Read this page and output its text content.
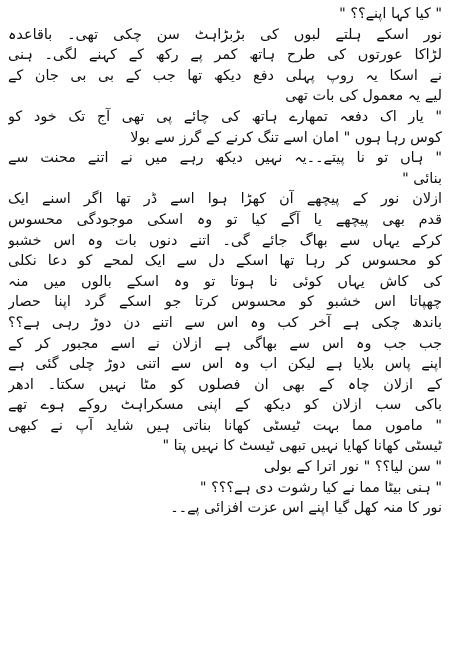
" کیا کہا اپنے؟؟ "
نور اسکے ہلتے لبوں کی بڑبڑاہٹ سن چکی تھی۔ باقاعدہ
لڑاکا عورتوں کی طرح ہاتھ کمر پے رکھ کے کہنے لگی۔ ہنی
نے اسکا یہ روپ پہلی دفع دیکھ تھا جب کے بی بی جان کے
لیے یہ معمول کی بات تھی
" یار اک دفعہ تمھارے ہاتھ کی چائے پی تھی آج تک خود کو
کوس رہا ہوں " امان اسے تنگ کرنے کے گرز سے بولا
" ہاں تو نا پیتے۔۔یہ نہیں دیکھ رہے میں نے اتنے محنت سے
بنائی "
ازلان نور کے پیچھے آن کھڑا ہوا اسے ڈر تھا اگر اسنے ایک
قدم بھی پیچھے یا آگے کیا تو وہ اسکی موجودگی محسوس
کرکے یہاں سے بھاگ جائے گی۔ اتنے دنوں بات وہ اس خشبو
کو محسوس کر رہا تھا اسکے دل سے ایک لمحے کو دعا نکلی
کی کاش یہاں کوئی نا ہوتا تو وہ اسکے بالوں میں منہ
چھپاتا اس خشبو کو محسوس کرتا جو اسکے گرد اپنا حصار
باندھ چکی ہے آخر کب وہ اس سے اتنے دن دوڑ رہی ہے؟؟
جب جب وہ اس سے بھاگی ہے ازلان نے اسے مجبور کر کے
اپنے پاس بلایا ہے لیکن اب وہ اس سے اتنی دوڑ چلی گئی ہے
کے ازلان چاہ کے بھی ان فصلوں کو مٹا نہیں سکتا۔ ادھر
باکی سب ازلان کو دیکھ کے اپنی مسکراہٹ روکے ہوے تھے
" ماموں مما بہت ٹیسٹی کھانا بناتی ہیں شاید آپ نے کبھی
ٹیسٹی کھانا کھایا نہیں تبھی ٹیسٹ کا نہیں پتا "
" سن لیا؟؟ " نور اترا کے بولی
" ہنی بیٹا مما نے کیا رشوت دی ہے؟؟؟ "
نور کا منہ کھل گیا اپنے اس عزت افزائی پے۔۔
